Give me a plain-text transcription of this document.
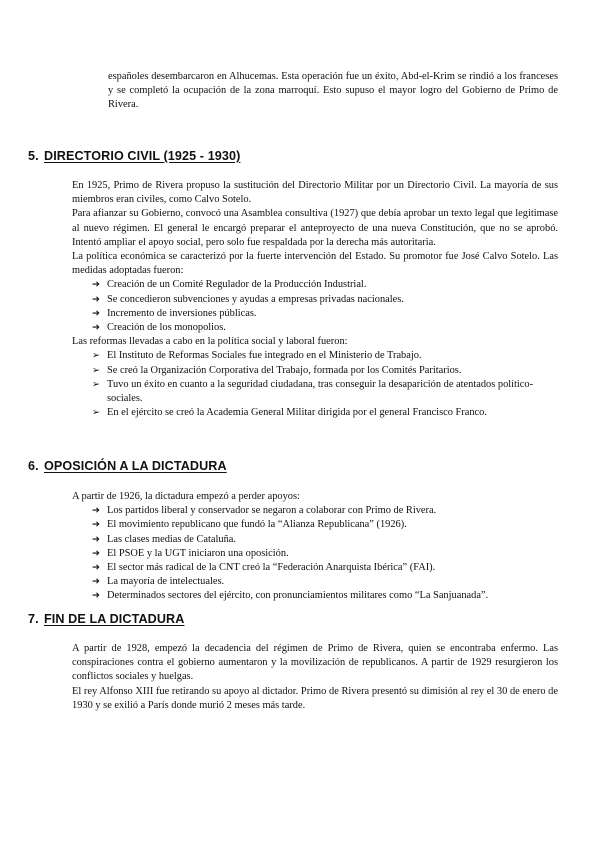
españoles desembarcaron en Alhucemas. Esta operación fue un éxito, Abd-el-Krim se rindió a los franceses y se completó la ocupación de la zona marroquí. Esto supuso el mayor logro del Gobierno de Primo de Rivera.

5. DIRECTORIO CIVIL (1925 - 1930)

En 1925, Primo de Rivera propuso la sustitución del Directorio Militar por un Directorio Civil. La mayoría de sus miembros eran civiles, como Calvo Sotelo.

Para afianzar su Gobierno, convocó una Asamblea consultiva (1927) que debía aprobar un texto legal que legitimase al nuevo régimen. El general le encargó preparar el anteproyecto de una nueva Constitución, que no se aprobó. Intentó ampliar el apoyo social, pero solo fue respaldada por la derecha más autoritaria.

La política económica se caracterizó por la fuerte intervención del Estado. Su promotor fue José Calvo Sotelo. Las medidas adoptadas fueron:

➔ Creación de un Comité Regulador de la Producción Industrial.
➔ Se concedieron subvenciones y ayudas a empresas privadas nacionales.
➔ Incremento de inversiones públicas.
➔ Creación de los monopolios.

Las reformas llevadas a cabo en la política social y laboral fueron:

➢ El Instituto de Reformas Sociales fue integrado en el Ministerio de Trabajo.
➢ Se creó la Organización Corporativa del Trabajo, formada por los Comités Paritarios.
➢ Tuvo un éxito en cuanto a la seguridad ciudadana, tras conseguir la desaparición de atentados político-sociales.
➢ En el ejército se creó la Academia General Militar dirigida por el general Francisco Franco.
6. OPOSICIÓN A LA DICTADURA

A partir de 1926, la dictadura empezó a perder apoyos:

➔ Los partidos liberal y conservador se negaron a colaborar con Primo de Rivera.
➔ El movimiento republicano que fundó la “Alianza Republicana” (1926).
➔ Las clases medias de Cataluña.
➔ El PSOE y la UGT iniciaron una oposición.
➔ El sector más radical de la CNT creó la “Federación Anarquista Ibérica” (FAI).
➔ La mayoría de intelectuales.
➔ Determinados sectores del ejército, con pronunciamientos militares como “La Sanjuanada”.
7. FIN DE LA DICTADURA

A partir de 1928, empezó la decadencia del régimen de Primo de Rivera, quien se encontraba enfermo. Las conspiraciones contra el gobierno aumentaron y la movilización de republicanos. A partir de 1929 resurgieron los conflictos sociales y huelgas.

El rey Alfonso XIII fue retirando su apoyo al dictador. Primo de Rivera presentó su dimisión al rey el 30 de enero de 1930 y se exilió a París donde murió 2 meses más tarde.
